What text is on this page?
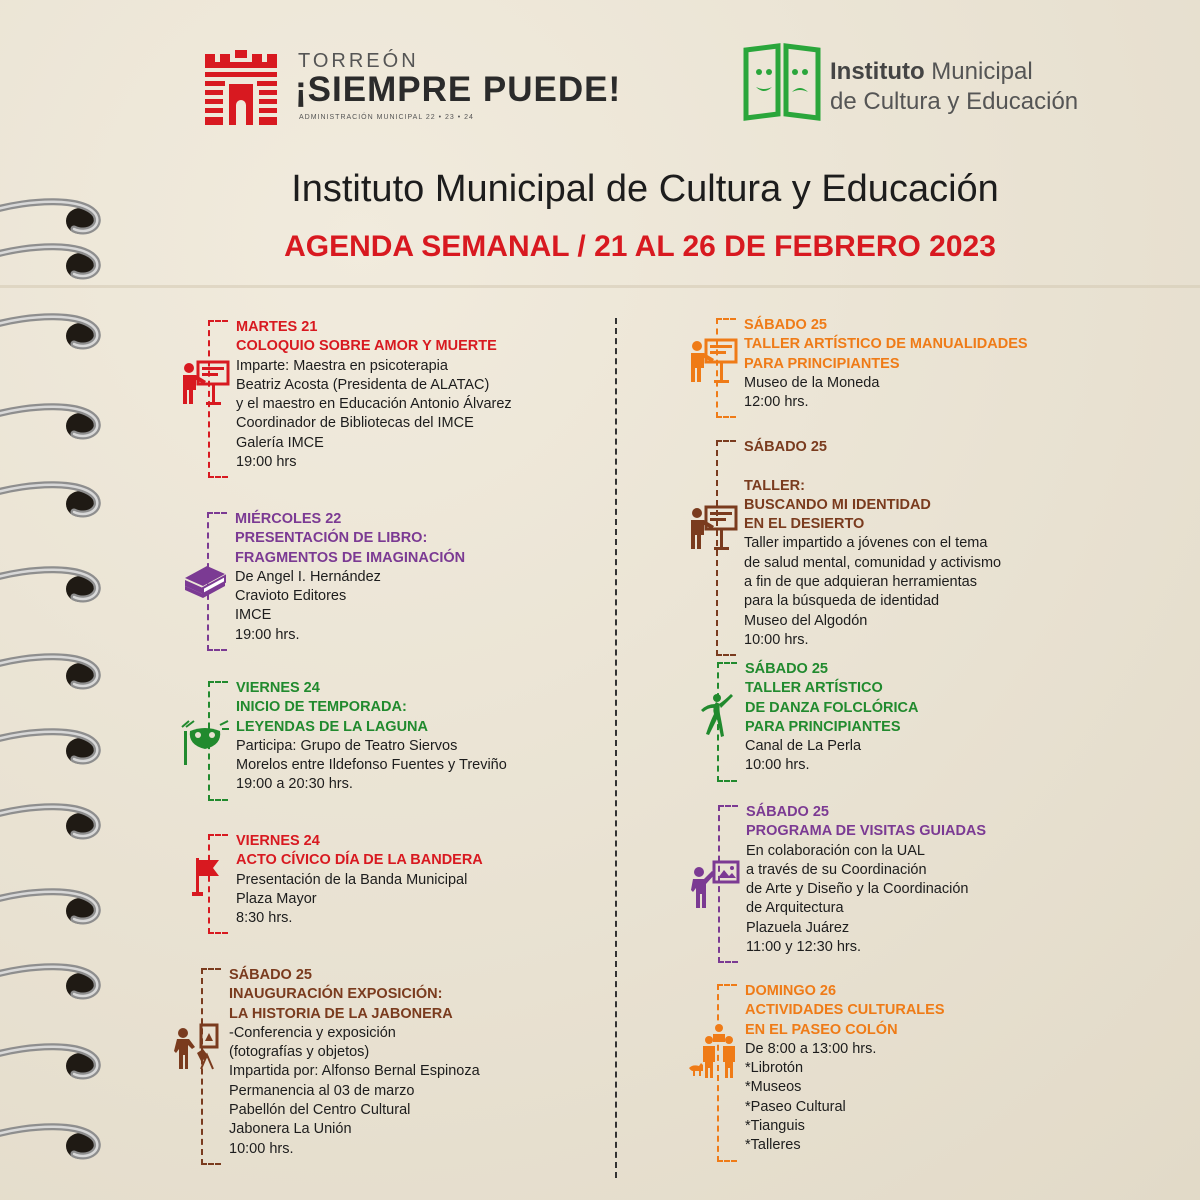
TORREÓN
¡SIEMPRE PUEDE!
ADMINISTRACIÓN MUNICIPAL 22 • 23 • 24
Instituto Municipal
de Cultura y Educación
Instituto Municipal de Cultura y Educación
AGENDA SEMANAL / 21 AL 26 DE FEBRERO 2023
MARTES 21
COLOQUIO SOBRE AMOR Y MUERTE
Imparte: Maestra en psicoterapia
Beatriz Acosta (Presidenta de ALATAC)
y el maestro en Educación Antonio Álvarez
Coordinador de Bibliotecas del IMCE
Galería IMCE
19:00 hrs
MIÉRCOLES 22
PRESENTACIÓN DE LIBRO:
FRAGMENTOS DE IMAGINACIÓN
De Angel I. Hernández
Cravioto Editores
IMCE
19:00 hrs.
VIERNES 24
INICIO DE TEMPORADA:
LEYENDAS DE LA LAGUNA
Participa: Grupo de Teatro Siervos
Morelos entre Ildefonso Fuentes y Treviño
19:00 a 20:30 hrs.
VIERNES 24
ACTO CÍVICO DÍA DE LA BANDERA
Presentación de la Banda Municipal
Plaza Mayor
8:30 hrs.
SÁBADO 25
INAUGURACIÓN EXPOSICIÓN:
LA HISTORIA DE LA JABONERA
-Conferencia y exposición
(fotografías y objetos)
Impartida por: Alfonso Bernal Espinoza
Permanencia al 03 de marzo
Pabellón del Centro Cultural
Jabonera La Unión
10:00 hrs.
SÁBADO 25
TALLER ARTÍSTICO DE MANUALIDADES
PARA PRINCIPIANTES
Museo de la Moneda
12:00 hrs.
SÁBADO 25

TALLER:
BUSCANDO MI IDENTIDAD
EN EL DESIERTO
Taller impartido a jóvenes con el tema
de salud mental, comunidad y activismo
a fin de que adquieran herramientas
para la búsqueda de identidad
Museo del Algodón
10:00 hrs.
SÁBADO 25
TALLER ARTÍSTICO
DE DANZA FOLCLÓRICA
PARA PRINCIPIANTES
Canal de La Perla
10:00 hrs.
SÁBADO 25
PROGRAMA DE VISITAS GUIADAS
En colaboración con la UAL
a través de su Coordinación
de Arte y Diseño y la Coordinación
de Arquitectura
Plazuela Juárez
11:00 y 12:30 hrs.
DOMINGO 26
ACTIVIDADES CULTURALES
EN EL PASEO COLÓN
De 8:00 a 13:00 hrs.
*Librotón
*Museos
*Paseo Cultural
*Tianguis
*Talleres
